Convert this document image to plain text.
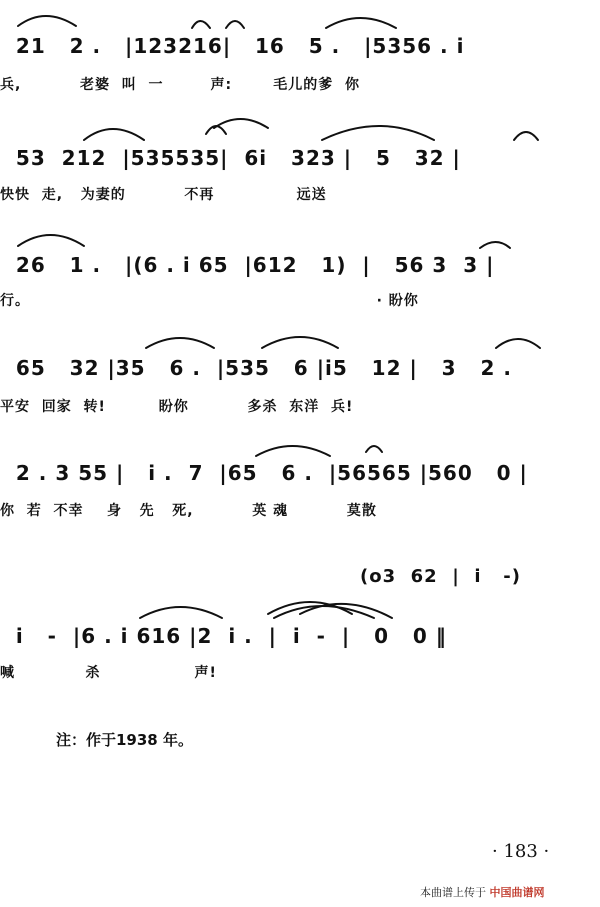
21   2 .   |123216|   16   5 .   |5356 . i
兵,          老婆  叫  一        声:       毛儿的爹  你
53  212  |535535|  6i   323 |   5   32 |
快快  走,   为妻的          不再              远送
26   1 .   |(6 . i 65  |612   1)  |   56 3  3 |
行。                                                           · 盼你
65   32 |35   6 .  |535   6 |i5   12 |   3   2 .
平安  回家  转!         盼你          多杀  东洋  兵!
2 . 3 55 |   i .  7  |65   6 .  |56565 |560   0 |
你  若  不幸    身   先   死,          英 魂          莫散
(o3  62  |  i   -)
i   -  |6 . i 616 |2  i .  |  i  -  |   0   0 ‖
喊            杀                声!
注：作于1938 年。
· 183 ·
本曲谱上传于 中国曲谱网
